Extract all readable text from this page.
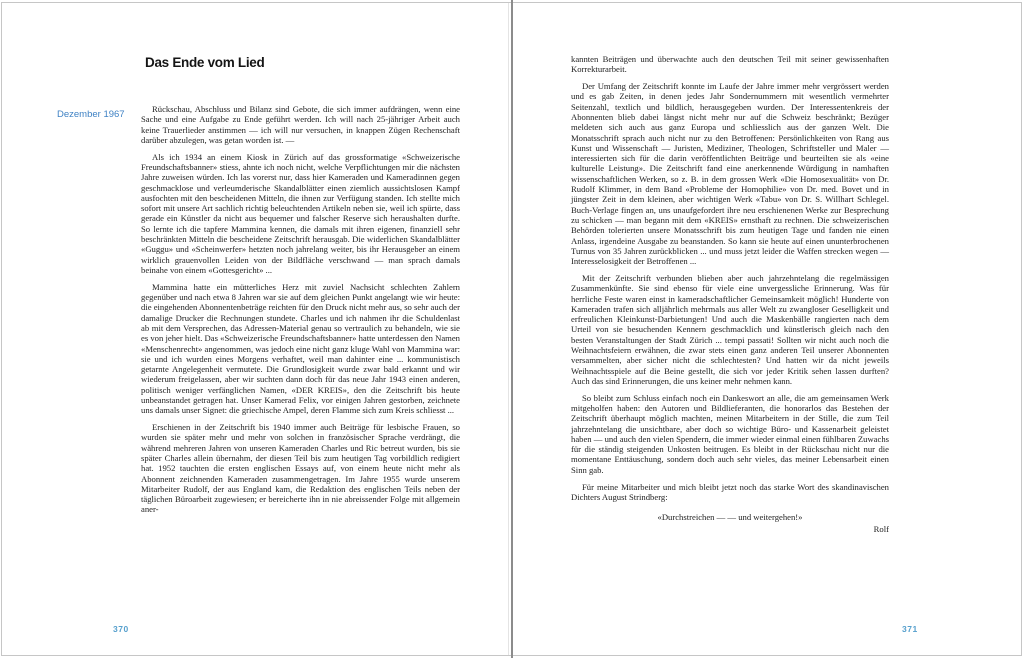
Das Ende vom Lied
Dezember 1967	Rückschau, Abschluss und Bilanz sind Gebote, die sich immer aufdrängen, wenn eine Sache und eine Aufgabe zu Ende geführt werden. Ich will nach 25-jähriger Arbeit auch keine Trauerlieder anstimmen — ich will nur versuchen, in knappen Zügen Rechenschaft darüber abzulegen, was getan worden ist. —

Als ich 1934 an einem Kiosk in Zürich auf das grossformatige «Schweizerische Freundschaftsbanner» stiess, ahnte ich noch nicht, welche Verpflichtungen mir die nächsten Jahre zuweisen würden. Ich las vorerst nur, dass hier Kameraden und Kameradinnen gegen geschmacklose und verleumderische Skandalblätter einen ziemlich aussichtslosen Kampf ausfochten mit den bescheidenen Mitteln, die ihnen zur Verfügung standen. Ich stellte mich sofort mit unsere Art sachlich richtig beleuchtenden Artikeln neben sie, weil ich spürte, dass gerade ein Künstler da nicht aus bequemer und falscher Reserve sich heraushalten durfte. So lernte ich die tapfere Mammina kennen, die damals mit ihren eigenen, finanziell sehr beschränkten Mitteln die bescheidene Zeitschrift herausgab. Die widerlichen Skandalblätter «Guggu» und «Scheinwerfer» hetzten noch jahrelang weiter, bis ihr Herausgeber an einem wirklich grauenvollen Leiden von der Bildfläche verschwand — man sprach damals beinahe von einem «Gottesgericht» ...

Mammina hatte ein mütterliches Herz mit zuviel Nachsicht schlechten Zahlern gegenüber und nach etwa 8 Jahren war sie auf dem gleichen Punkt angelangt wie wir heute: die eingehenden Abonnentenbeträge reichten für den Druck nicht mehr aus, so sehr auch der damalige Drucker die Rechnungen stundete. Charles und ich nahmen ihr die Schuldenlast ab mit dem Versprechen, das Adressen-Material genau so vertraulich zu behandeln, wie sie es von jeher hielt. Das «Schweizerische Freundschaftsbanner» hatte unterdessen den Namen «Menschenrecht» angenommen, was jedoch eine nicht ganz kluge Wahl von Mammina war: sie und ich wurden eines Morgens verhaftet, weil man dahinter eine ... kommunistisch getarnte Angelegenheit vermutete. Die Grundlosigkeit wurde zwar bald erkannt und wir wiederum freigelassen, aber wir suchten dann doch für das neue Jahr 1943 einen anderen, politisch weniger verfänglichen Namen, «DER KREIS», den die Zeitschrift bis heute unbeanstandet getragen hat. Unser Kamerad Felix, vor einigen Jahren gestorben, zeichnete uns damals unser Signet: die griechische Ampel, deren Flamme sich zum Kreis schliesst ...

Erschienen in der Zeitschrift bis 1940 immer auch Beiträge für lesbische Frauen, so wurden sie später mehr und mehr von solchen in französischer Sprache verdrängt, die während mehreren Jahren von unseren Kameraden Charles und Ric betreut wurden, bis sie später Charles allein übernahm, der diesen Teil bis zum heutigen Tag vorbildlich redigiert hat. 1952 tauchten die ersten englischen Essays auf, von einem heute nicht mehr als Abonnent zeichnenden Kameraden zusammengetragen. Im Jahre 1955 wurde unserem Mitarbeiter Rudolf, der aus England kam, die Redaktion des englischen Teils neben der täglichen Büroarbeit zugewiesen; er bereicherte ihn in nie abreissender Folge mit allgemein aner-

370

kannten Beiträgen und überwachte auch den deutschen Teil mit seiner gewissenhaften Korrekturarbeit.

Der Umfang der Zeitschrift konnte im Laufe der Jahre immer mehr vergrössert werden und es gab Zeiten, in denen jedes Jahr Sondernummern mit wesentlich vermehrter Seitenzahl, textlich und bildlich, herausgegeben wurden. Der Interessentenkreis der Abonnenten blieb dabei längst nicht mehr nur auf die Schweiz beschränkt; Bezüger meldeten sich auch aus ganz Europa und schliesslich aus der ganzen Welt. Die Monatsschrift sprach auch nicht nur zu den Betroffenen: Persönlichkeiten von Rang aus Kunst und Wissenschaft — Juristen, Mediziner, Theologen, Schriftsteller und Maler — interessierten sich für die darin veröffentlichten Beiträge und beurteilten sie als «eine kulturelle Leistung». Die Zeitschrift fand eine anerkennende Würdigung in namhaften wissenschaftlichen Werken, so z. B. in dem grossen Werk «Die Homosexualität» von Dr. Rudolf Klimmer, in dem Band «Probleme der Homophilie» von Dr. med. Bovet und in jüngster Zeit in dem kleinen, aber wichtigen Werk «Tabu» von Dr. S. Willhart Schlegel. Buch-Verlage fingen an, uns unaufgefordert ihre neu erschienenen Werke zur Besprechung zu schicken — man begann mit dem «KREIS» ernsthaft zu rechnen. Die schweizerischen Behörden tolerierten unsere Monatsschrift bis zum heutigen Tage und fanden nie einen Anlass, irgendeine Ausgabe zu beanstanden. So kann sie heute auf einen ununterbrochenen Turnus von 35 Jahren zurückblicken ... und muss jetzt leider die Waffen strecken wegen — Interesselosigkeit der Betroffenen ...

Mit der Zeitschrift verbunden blieben aber auch jahrzehntelang die regelmässigen Zusammenkünfte. Sie sind ebenso für viele eine unvergessliche Erinnerung. Was für herrliche Feste waren einst in kameradschaftlicher Gemeinsamkeit möglich! Hunderte von Kameraden trafen sich alljährlich mehrmals aus aller Welt zu zwangloser Geselligkeit und erfreulichen Kleinkunst-Darbietungen! Und auch die Maskenbälle rangierten nach dem Urteil von sie besuchenden Kennern geschmacklich und künstlerisch gleich nach den besten Veranstaltungen der Stadt Zürich ... tempi passati! Sollten wir nicht auch noch die Weihnachtsfeiern erwähnen, die zwar stets einen ganz anderen Teil unserer Abonnenten versammelten, aber sicher nicht die schlechtesten? Und hatten wir da nicht jeweils Weihnachtsspiele auf die Beine gestellt, die sich vor jeder Kritik sehen lassen durften? Auch das sind Erinnerungen, die uns keiner mehr nehmen kann.

So bleibt zum Schluss einfach noch ein Dankeswort an alle, die am gemeinsamen Werk mitgeholfen haben: den Autoren und Bildlieferanten, die honorarlos das Bestehen der Zeitschrift überhaupt möglich machten, meinen Mitarbeitern in der Stille, die zum Teil jahrzehntelang die unsichtbare, aber doch so wichtige Büro- und Kassenarbeit geleistet haben — und auch den vielen Spendern, die immer wieder einmal einen fühlbaren Zuwachs für die ständig steigenden Unkosten beitrugen. Es bleibt in der Rückschau nicht nur die momentane Enttäuschung, sondern doch auch sehr vieles, das meiner Lebensarbeit einen Sinn gab.

Für meine Mitarbeiter und mich bleibt jetzt noch das starke Wort des skandinavischen Dichters August Strindberg:

«Durchstreichen — — und weitergehen!»

Rolf

371
